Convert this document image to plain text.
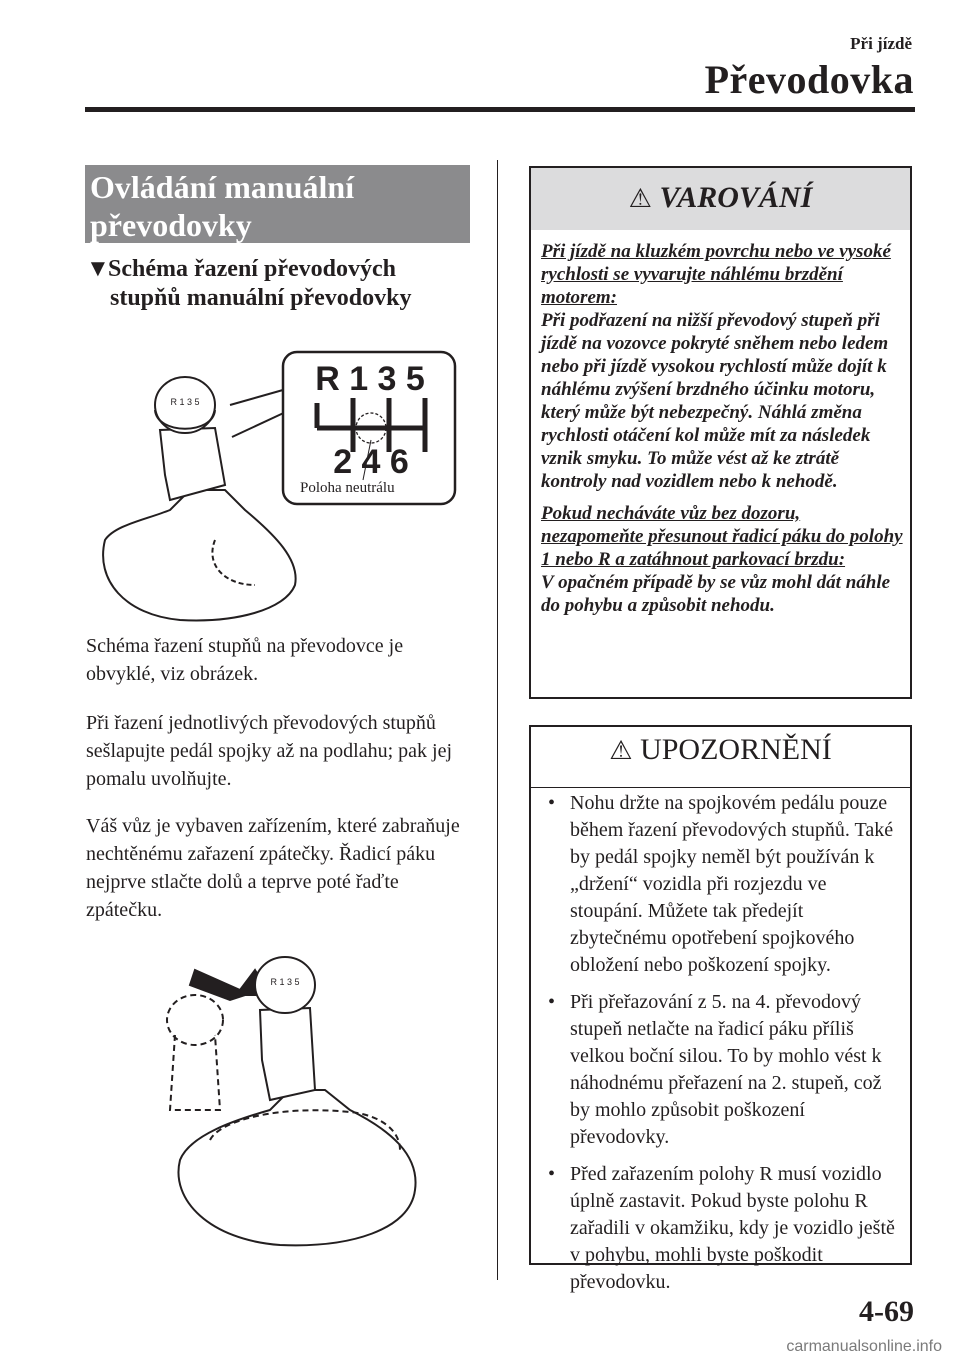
Při jízdě
Převodovka
Ovládání manuální
převodovky
▼Schéma řazení převodových
stupňů manuální převodovky
R 1 3 5
2 4 6
R 1 3 5
Poloha neutrálu
Schéma řazení stupňů na převodovce je obvyklé, viz obrázek.
Při řazení jednotlivých převodových stupňů sešlapujte pedál spojky až na podlahu; pak jej pomalu uvolňujte.
Váš vůz je vybaven zařízením, které zabraňuje nechtěnému zařazení zpátečky. Řadicí páku nejprve stlačte dolů a teprve poté řaďte zpátečku.
R 1 3 5
⚠ VAROVÁNÍ

Při jízdě na kluzkém povrchu nebo ve vysoké rychlosti se vyvarujte náhlému brzdění motorem:
Při podřazení na nižší převodový stupeň při jízdě na vozovce pokryté sněhem nebo ledem nebo při jízdě vysokou rychlostí může dojít k náhlému zvýšení brzdného účinku motoru, který může být nebezpečný. Náhlá změna rychlosti otáčení kol může mít za následek vznik smyku. To může vést až ke ztrátě kontroly nad vozidlem nebo k nehodě.

Pokud necháváte vůz bez dozoru, nezapomeňte přesunout řadicí páku do polohy 1 nebo R a zatáhnout parkovací brzdu:
V opačném případě by se vůz mohl dát náhle do pohybu a způsobit nehodu.

⚠ UPOZORNĚNÍ
• Nohu držte na spojkovém pedálu pouze během řazení převodových stupňů. Také by pedál spojky neměl být používán k „držení“ vozidla při rozjezdu ve stoupání. Můžete tak předejít zbytečnému opotřebení spojkového obložení nebo poškození spojky.
• Při přeřazování z 5. na 4. převodový stupeň netlačte na řadicí páku příliš velkou boční silou. To by mohlo vést k náhodnému přeřazení na 2. stupeň, což by mohlo způsobit poškození převodovky.
• Před zařazením polohy R musí vozidlo úplně zastavit. Pokud byste polohu R zařadili v okamžiku, kdy je vozidlo ještě v pohybu, mohli byste poškodit převodovku.
4-69
carmanualsonline.info
